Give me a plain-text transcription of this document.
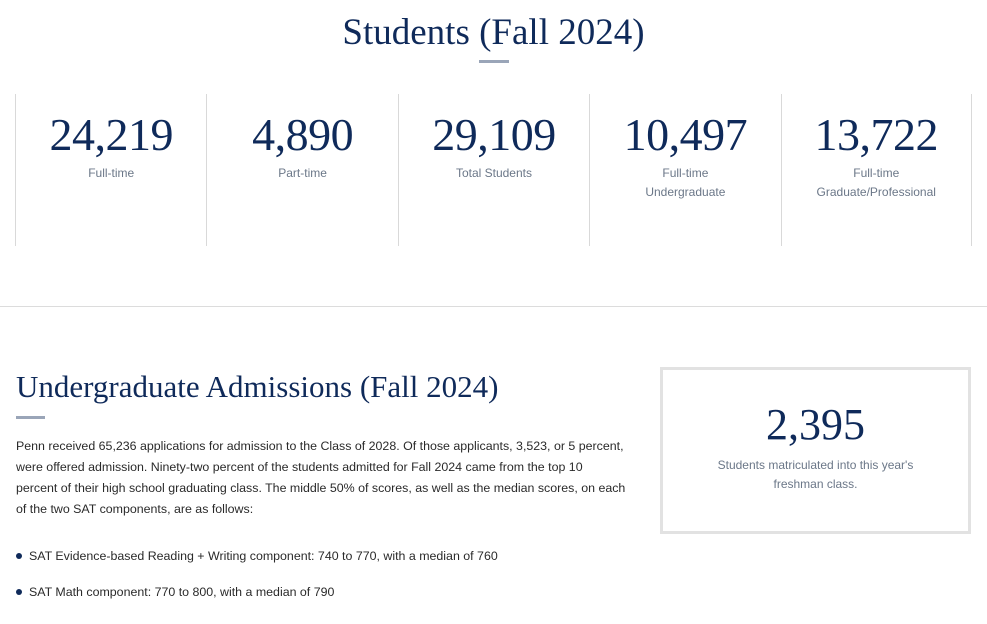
Students (Fall 2024)
24,219
Full-time
4,890
Part-time
29,109
Total Students
10,497
Full-time
Undergraduate
13,722
Full-time
Graduate/Professional
Undergraduate Admissions (Fall 2024)

Penn received 65,236 applications for admission to the Class of 2028. Of those applicants, 3,523, or 5 percent, were offered admission. Ninety-two percent of the students admitted for Fall 2024 came from the top 10 percent of their high school graduating class. The middle 50% of scores, as well as the median scores, on each of the two SAT components, are as follows:

SAT Evidence-based Reading + Writing component: 740 to 770, with a median of 760
SAT Math component: 770 to 800, with a median of 790
2,395
Students matriculated into this year's
freshman class.
